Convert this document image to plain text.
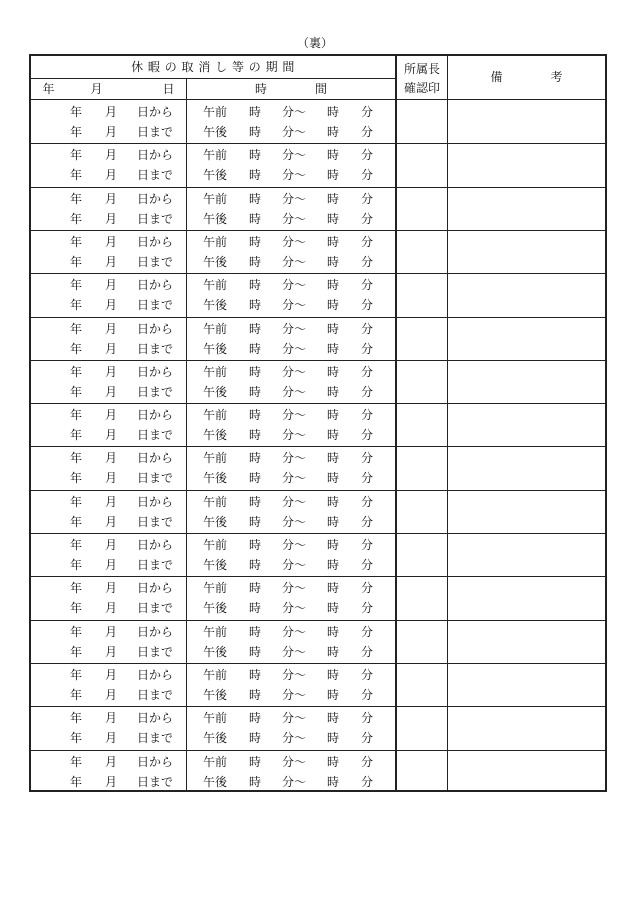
（裏）
休 暇 の 取 消 し 等 の 期 間
年　　　月　　　　　日	時　　　　間
所属長
確認印
備　　　　考
年 月 日から 午前 時 分〜 時 分
年 月 日まで 午後 時 分〜 時 分
年 月 日から 午前 時 分〜 時 分
年 月 日まで 午後 時 分〜 時 分
年 月 日から 午前 時 分〜 時 分
年 月 日まで 午後 時 分〜 時 分
年 月 日から 午前 時 分〜 時 分
年 月 日まで 午後 時 分〜 時 分
年 月 日から 午前 時 分〜 時 分
年 月 日まで 午後 時 分〜 時 分
年 月 日から 午前 時 分〜 時 分
年 月 日まで 午後 時 分〜 時 分
年 月 日から 午前 時 分〜 時 分
年 月 日まで 午後 時 分〜 時 分
年 月 日から 午前 時 分〜 時 分
年 月 日まで 午後 時 分〜 時 分
年 月 日から 午前 時 分〜 時 分
年 月 日まで 午後 時 分〜 時 分
年 月 日から 午前 時 分〜 時 分
年 月 日まで 午後 時 分〜 時 分
年 月 日から 午前 時 分〜 時 分
年 月 日まで 午後 時 分〜 時 分
年 月 日から 午前 時 分〜 時 分
年 月 日まで 午後 時 分〜 時 分
年 月 日から 午前 時 分〜 時 分
年 月 日まで 午後 時 分〜 時 分
年 月 日から 午前 時 分〜 時 分
年 月 日まで 午後 時 分〜 時 分
年 月 日から 午前 時 分〜 時 分
年 月 日まで 午後 時 分〜 時 分
年 月 日から 午前 時 分〜 時 分
年 月 日まで 午後 時 分〜 時 分
